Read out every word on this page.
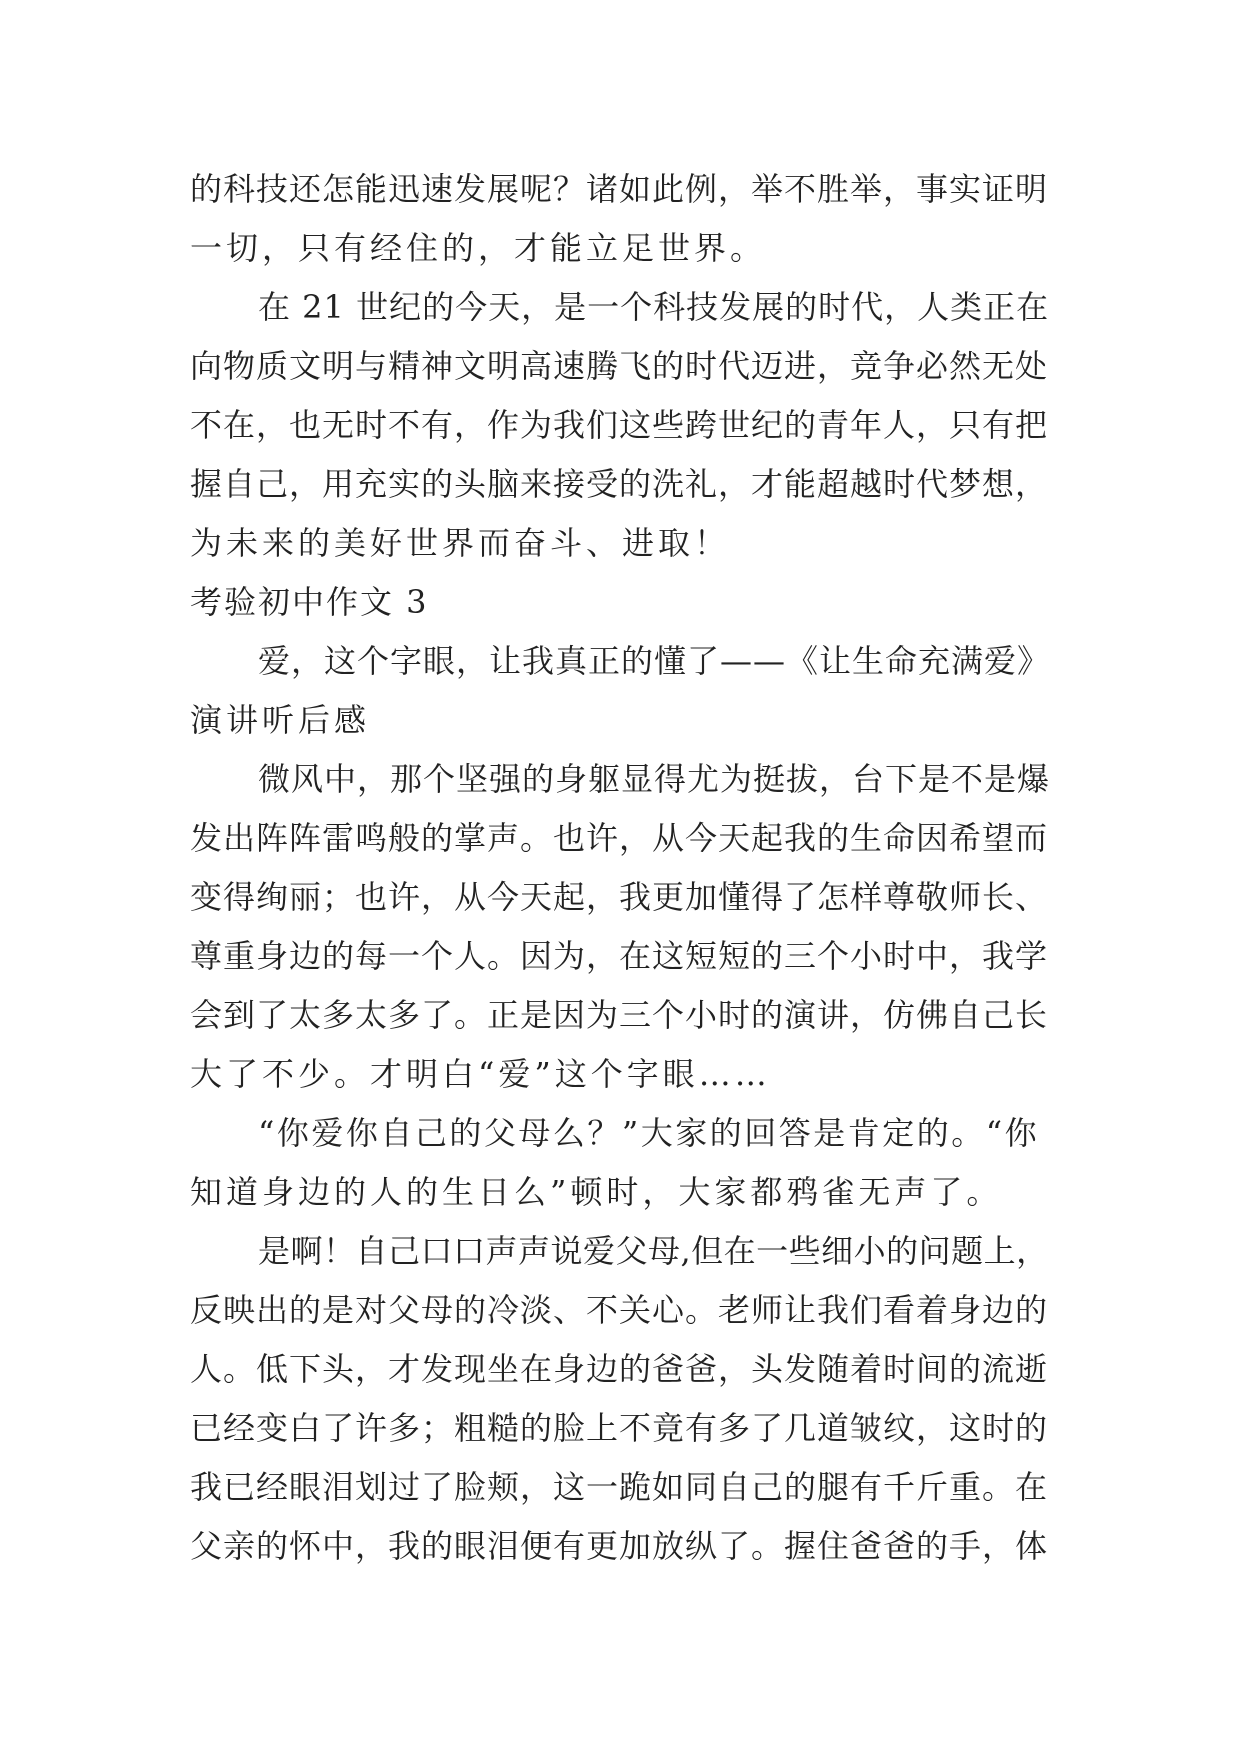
的科技还怎能迅速发展呢？诸如此例，举不胜举，事实证明
一切，只有经住的，才能立足世界。
在 21 世纪的今天，是一个科技发展的时代，人类正在
向物质文明与精神文明高速腾飞的时代迈进，竞争必然无处
不在，也无时不有，作为我们这些跨世纪的青年人，只有把
握自己，用充实的头脑来接受的洗礼，才能超越时代梦想，
为未来的美好世界而奋斗、进取！
考验初中作文 3
爱，这个字眼，让我真正的懂了——《让生命充满爱》
演讲听后感
微风中，那个坚强的身躯显得尤为挺拔，台下是不是爆
发出阵阵雷鸣般的掌声。也许，从今天起我的生命因希望而
变得绚丽；也许，从今天起，我更加懂得了怎样尊敬师长、
尊重身边的每一个人。因为，在这短短的三个小时中，我学
会到了太多太多了。正是因为三个小时的演讲，仿佛自己长
大了不少。才明白“爱”这个字眼……
“你爱你自己的父母么？”大家的回答是肯定的。“你
知道身边的人的生日么”顿时，大家都鸦雀无声了。
是啊！自己口口声声说爱父母,但在一些细小的问题上，
反映出的是对父母的冷淡、不关心。老师让我们看着身边的
人。低下头，才发现坐在身边的爸爸，头发随着时间的流逝
已经变白了许多；粗糙的脸上不竟有多了几道皱纹，这时的
我已经眼泪划过了脸颊，这一跪如同自己的腿有千斤重。在
父亲的怀中，我的眼泪便有更加放纵了。握住爸爸的手，体
